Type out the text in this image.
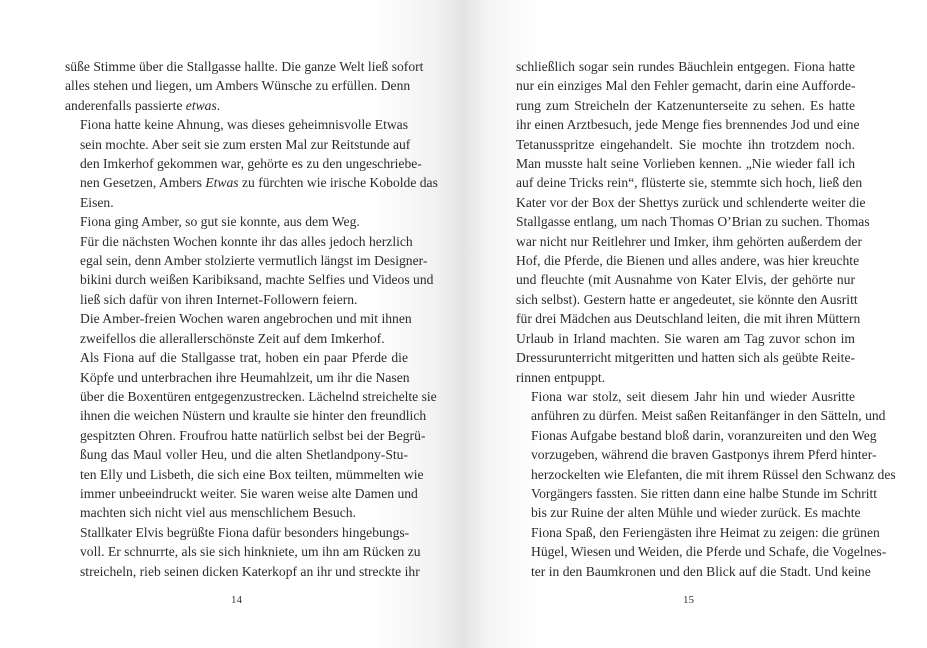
süße Stimme über die Stallgasse hallte. Die ganze Welt ließ sofort
alles stehen und liegen, um Ambers Wünsche zu erfüllen. Denn
anderenfalls passierte etwas.

Fiona hatte keine Ahnung, was dieses geheimnisvolle Etwas
sein mochte. Aber seit sie zum ersten Mal zur Reitstunde auf
den Imkerhof gekommen war, gehörte es zu den ungeschriebe-
nen Gesetzen, Ambers Etwas zu fürchten wie irische Kobolde das
Eisen.

Fiona ging Amber, so gut sie konnte, aus dem Weg.

Für die nächsten Wochen konnte ihr das alles jedoch herzlich
egal sein, denn Amber stolzierte vermutlich längst im Designer-
bikini durch weißen Karibiksand, machte Selfies und Videos und
ließ sich dafür von ihren Internet-Followern feiern.

Die Amber-freien Wochen waren angebrochen und mit ihnen
zweifellos die allerallerschönste Zeit auf dem Imkerhof.

Als Fiona auf die Stallgasse trat, hoben ein paar Pferde die
Köpfe und unterbrachen ihre Heumahlzeit, um ihr die Nasen
über die Boxentüren entgegenzustrecken. Lächelnd streichelte sie
ihnen die weichen Nüstern und kraulte sie hinter den freundlich
gespitzten Ohren. Froufrou hatte natürlich selbst bei der Begrü-
ßung das Maul voller Heu, und die alten Shetlandpony-Stu-
ten Elly und Lisbeth, die sich eine Box teilten, mümmelten wie
immer unbeeindruckt weiter. Sie waren weise alte Damen und
machten sich nicht viel aus menschlichem Besuch.

Stallkater Elvis begrüßte Fiona dafür besonders hingebungs-
voll. Er schnurrte, als sie sich hinkniete, um ihn am Rücken zu
streicheln, rieb seinen dicken Katerkopf an ihr und streckte ihr

14

schließlich sogar sein rundes Bäuchlein entgegen. Fiona hatte
nur ein einziges Mal den Fehler gemacht, darin eine Aufforde-
rung zum Streicheln der Katzenunterseite zu sehen. Es hatte
ihr einen Arztbesuch, jede Menge fies brennendes Jod und eine
Tetanusspritze eingehandelt. Sie mochte ihn trotzdem noch.
Man musste halt seine Vorlieben kennen. „Nie wieder fall ich
auf deine Tricks rein“, flüsterte sie, stemmte sich hoch, ließ den
Kater vor der Box der Shettys zurück und schlenderte weiter die
Stallgasse entlang, um nach Thomas O’Brian zu suchen. Thomas
war nicht nur Reitlehrer und Imker, ihm gehörten außerdem der
Hof, die Pferde, die Bienen und alles andere, was hier kreuchte
und fleuchte (mit Ausnahme von Kater Elvis, der gehörte nur
sich selbst). Gestern hatte er angedeutet, sie könnte den Ausritt
für drei Mädchen aus Deutschland leiten, die mit ihren Müttern
Urlaub in Irland machten. Sie waren am Tag zuvor schon im
Dressurunterricht mitgeritten und hatten sich als geübte Reite-
rinnen entpuppt.

Fiona war stolz, seit diesem Jahr hin und wieder Ausritte
anführen zu dürfen. Meist saßen Reitanfänger in den Sätteln, und
Fionas Aufgabe bestand bloß darin, voranzureiten und den Weg
vorzugeben, während die braven Gastponys ihrem Pferd hinter-
herzockelten wie Elefanten, die mit ihrem Rüssel den Schwanz des
Vorgängers fassten. Sie ritten dann eine halbe Stunde im Schritt
bis zur Ruine der alten Mühle und wieder zurück. Es machte
Fiona Spaß, den Feriengästen ihre Heimat zu zeigen: die grünen
Hügel, Wiesen und Weiden, die Pferde und Schafe, die Vogelnes-
ter in den Baumkronen und den Blick auf die Stadt. Und keine

15
